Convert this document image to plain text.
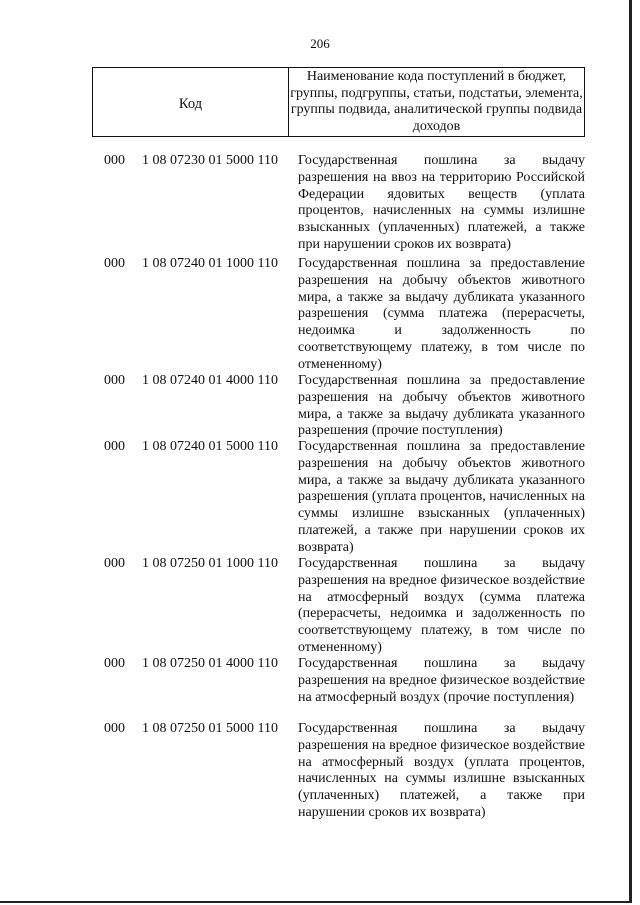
206
Код
Наименование кода поступлений в бюджет, группы, подгруппы, статьи, подстатьи, элемента, группы подвида, аналитической группы подвида доходов
000 1 08 07230 01 5000 110 Государственная пошлина за выдачу разрешения на ввоз на территорию Российской Федерации ядовитых веществ (уплата процентов, начисленных на суммы излишне взысканных (уплаченных) платежей, а также при нарушении сроков их возврата)
000 1 08 07240 01 1000 110 Государственная пошлина за предоставление разрешения на добычу объектов животного мира, а также за выдачу дубликата указанного разрешения (сумма платежа (перерасчеты, недоимка и задолженность по соответствующему платежу, в том числе по отмененному)
000 1 08 07240 01 4000 110 Государственная пошлина за предоставление разрешения на добычу объектов животного мира, а также за выдачу дубликата указанного разрешения (прочие поступления)
000 1 08 07240 01 5000 110 Государственная пошлина за предоставление разрешения на добычу объектов животного мира, а также за выдачу дубликата указанного разрешения (уплата процентов, начисленных на суммы излишне взысканных (уплаченных) платежей, а также при нарушении сроков их возврата)
000 1 08 07250 01 1000 110 Государственная пошлина за выдачу разрешения на вредное физическое воздействие на атмосферный воздух (сумма платежа (перерасчеты, недоимка и задолженность по соответствующему платежу, в том числе по отмененному)
000 1 08 07250 01 4000 110 Государственная пошлина за выдачу разрешения на вредное физическое воздействие на атмосферный воздух (прочие поступления)
000 1 08 07250 01 5000 110 Государственная пошлина за выдачу разрешения на вредное физическое воздействие на атмосферный воздух (уплата процентов, начисленных на суммы излишне взысканных (уплаченных) платежей, а также при нарушении сроков их возврата)
